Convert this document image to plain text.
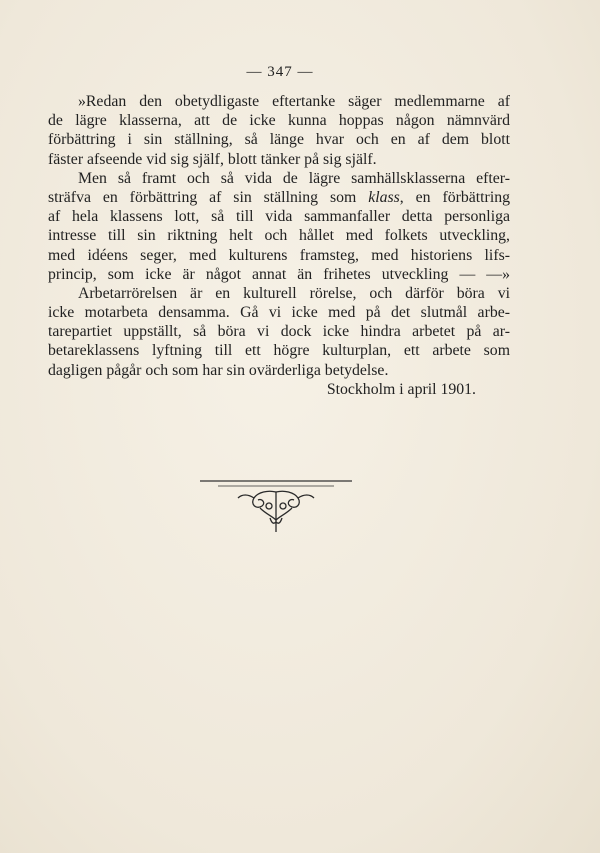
— 347 —
»Redan den obetydligaste eftertanke säger medlemmarne af
de lägre klasserna, att de icke kunna hoppas någon nämnvärd
förbättring i sin ställning, så länge hvar och en af dem blott
fäster afseende vid sig själf, blott tänker på sig själf.
Men så framt och så vida de lägre samhällsklasserna efter-
sträfva en förbättring af sin ställning som klass, en förbättring
af hela klassens lott, så till vida sammanfaller detta personliga
intresse till sin riktning helt och hållet med folkets utveckling,
med idéens seger, med kulturens framsteg, med historiens lifs-
princip, som icke är något annat än frihetes utveckling — —»
Arbetarrörelsen är en kulturell rörelse, och därför böra vi
icke motarbeta densamma. Gå vi icke med på det slutmål arbe-
tarepartiet uppställt, så böra vi dock icke hindra arbetet på ar-
betareklassens lyftning till ett högre kulturplan, ett arbete som
dagligen pågår och som har sin ovärderliga betydelse.
Stockholm i april 1901.
